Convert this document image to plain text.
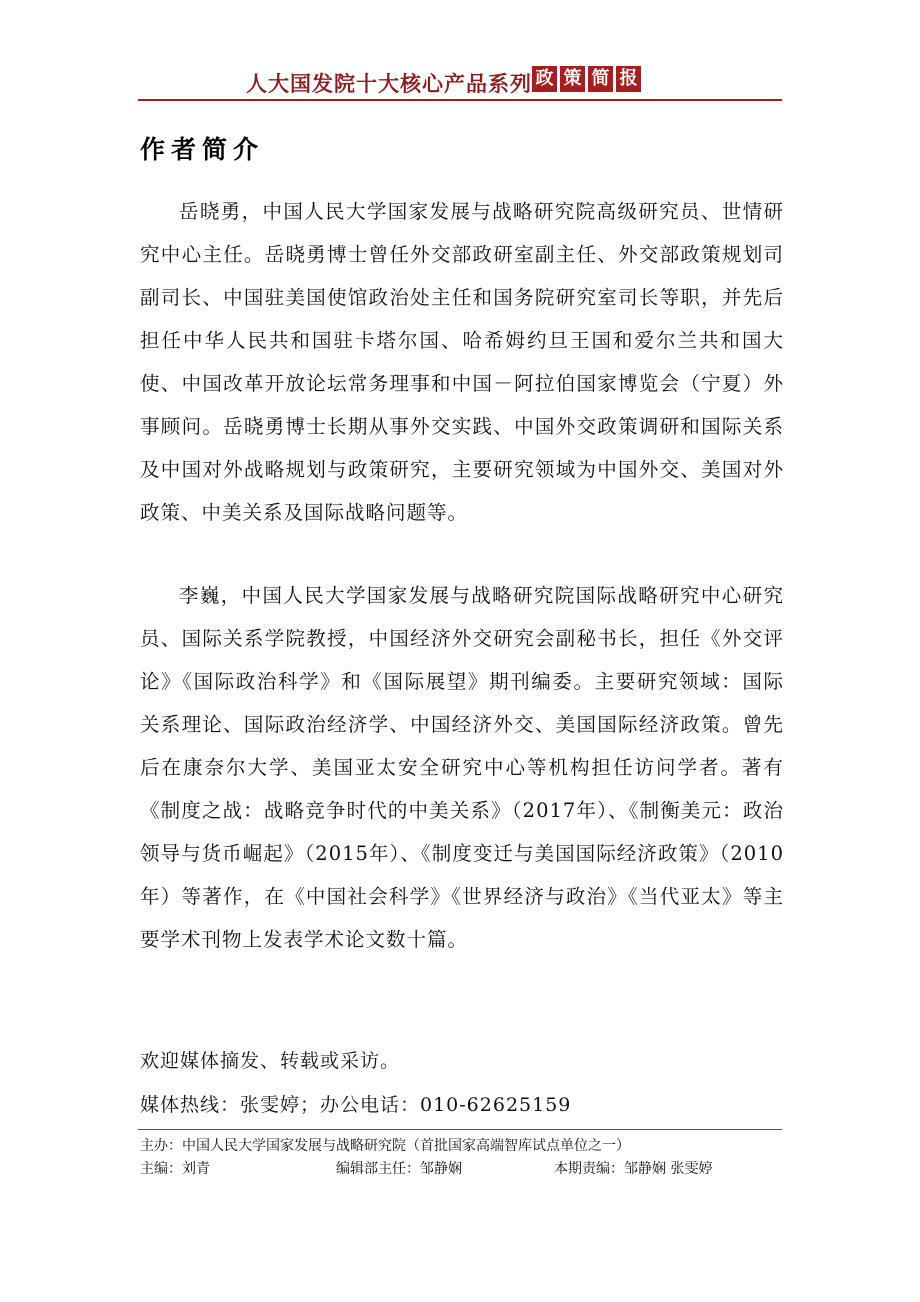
人大国发院十大核心产品系列 政 策 简 报
作者简介

岳晓勇，中国人民大学国家发展与战略研究院高级研究员、世情研究中心主任。岳晓勇博士曾任外交部政研室副主任、外交部政策规划司副司长、中国驻美国使馆政治处主任和国务院研究室司长等职，并先后担任中华人民共和国驻卡塔尔国、哈希姆约旦王国和爱尔兰共和国大使、中国改革开放论坛常务理事和中国－阿拉伯国家博览会（宁夏）外事顾问。岳晓勇博士长期从事外交实践、中国外交政策调研和国际关系及中国对外战略规划与政策研究，主要研究领域为中国外交、美国对外政策、中美关系及国际战略问题等。

李巍，中国人民大学国家发展与战略研究院国际战略研究中心研究员、国际关系学院教授，中国经济外交研究会副秘书长，担任《外交评论》《国际政治科学》和《国际展望》期刊编委。主要研究领域：国际关系理论、国际政治经济学、中国经济外交、美国国际经济政策。曾先后在康奈尔大学、美国亚太安全研究中心等机构担任访问学者。著有《制度之战：战略竞争时代的中美关系》（2017年）、《制衡美元：政治领导与货币崛起》（2015年）、《制度变迁与美国国际经济政策》（2010年）等著作，在《中国社会科学》《世界经济与政治》《当代亚太》等主要学术刊物上发表学术论文数十篇。

欢迎媒体摘发、转载或采访。
媒体热线：张雯婷；办公电话：010-62625159
主办：中国人民大学国家发展与战略研究院（首批国家高端智库试点单位之一）
主编：刘青	编辑部主任：邹静娴	本期责编：邹静娴 张雯婷
